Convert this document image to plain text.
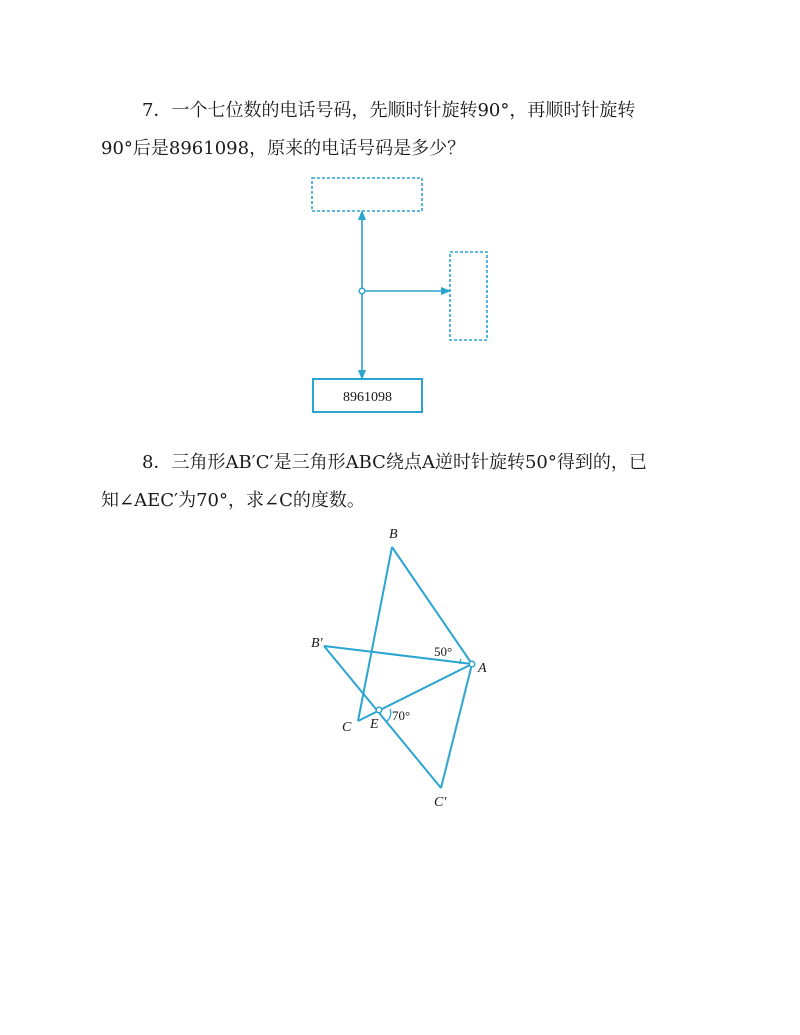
7．一个七位数的电话号码，先顺时针旋转90°，再顺时针旋转
90°后是8961098，原来的电话号码是多少？
8961098
8．三角形AB′C′是三角形ABC绕点A逆时针旋转50°得到的，已
知∠AEC′为70°，求∠C的度数。
B
B′
A
C E
C′
50°
70°
